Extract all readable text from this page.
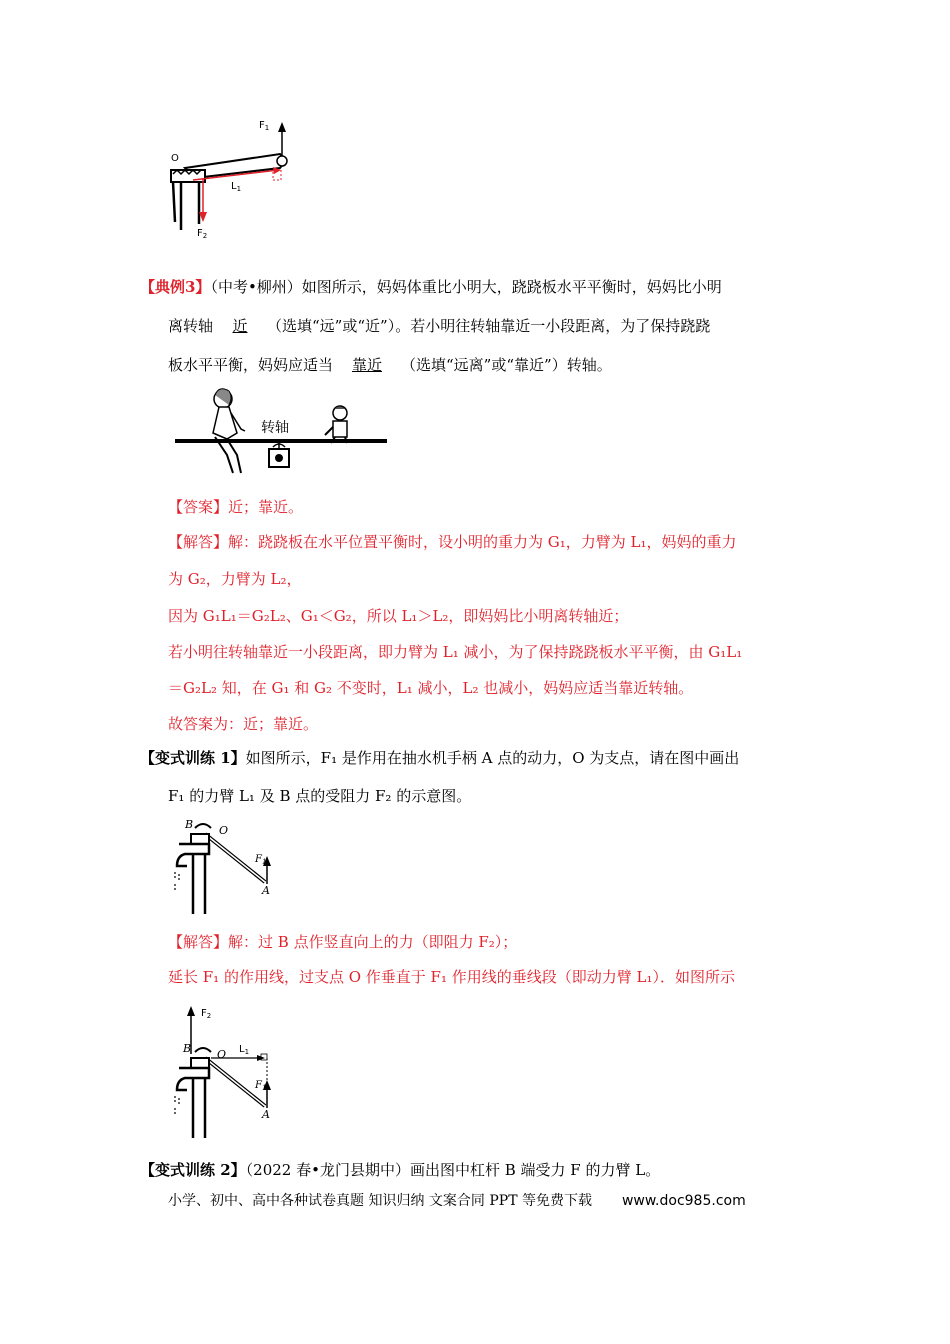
$F_1$
O
$L_1$
$F_2$
【典例3】（中考•柳州）如图所示，妈妈体重比小明大，跷跷板水平平衡时，妈妈比小明
离转轴 近 （选填“远”或“近”）。若小明往转轴靠近一小段距离，为了保持跷跷
板水平平衡，妈妈应适当 靠近 （选填“远离”或“靠近”）转轴。
转轴
【答案】近；靠近。
【解答】解：跷跷板在水平位置平衡时，设小明的重力为 G₁，力臂为 L₁，妈妈的重力
为 G₂，力臂为 L₂，
因为 G₁L₁＝G₂L₂、G₁＜G₂，所以 L₁＞L₂，即妈妈比小明离转轴近；
若小明往转轴靠近一小段距离，即力臂为 L₁ 减小，为了保持跷跷板水平平衡，由 G₁L₁
＝G₂L₂ 知，在 G₁ 和 G₂ 不变时，L₁ 减小，L₂ 也减小，妈妈应适当靠近转轴。
故答案为：近；靠近。
【变式训练 1】如图所示，F₁ 是作用在抽水机手柄 A 点的动力，O 为支点，请在图中画出
F₁ 的力臂 L₁ 及 B 点的受阻力 F₂ 的示意图。
B O
$F_1$
A
【解答】解：过 B 点作竖直向上的力（即阻力 F₂）；
延长 F₁ 的作用线，过支点 O 作垂直于 F₁ 作用线的垂线段（即动力臂 L₁）．如图所示
$F_2$
B O $L_1$
$F_1$
A
【变式训练 2】（2022 春•龙门县期中）画出图中杠杆 B 端受力 F 的力臂 L。
小学、初中、高中各种试卷真题 知识归纳 文案合同 PPT 等免费下载 www.doc985.com
